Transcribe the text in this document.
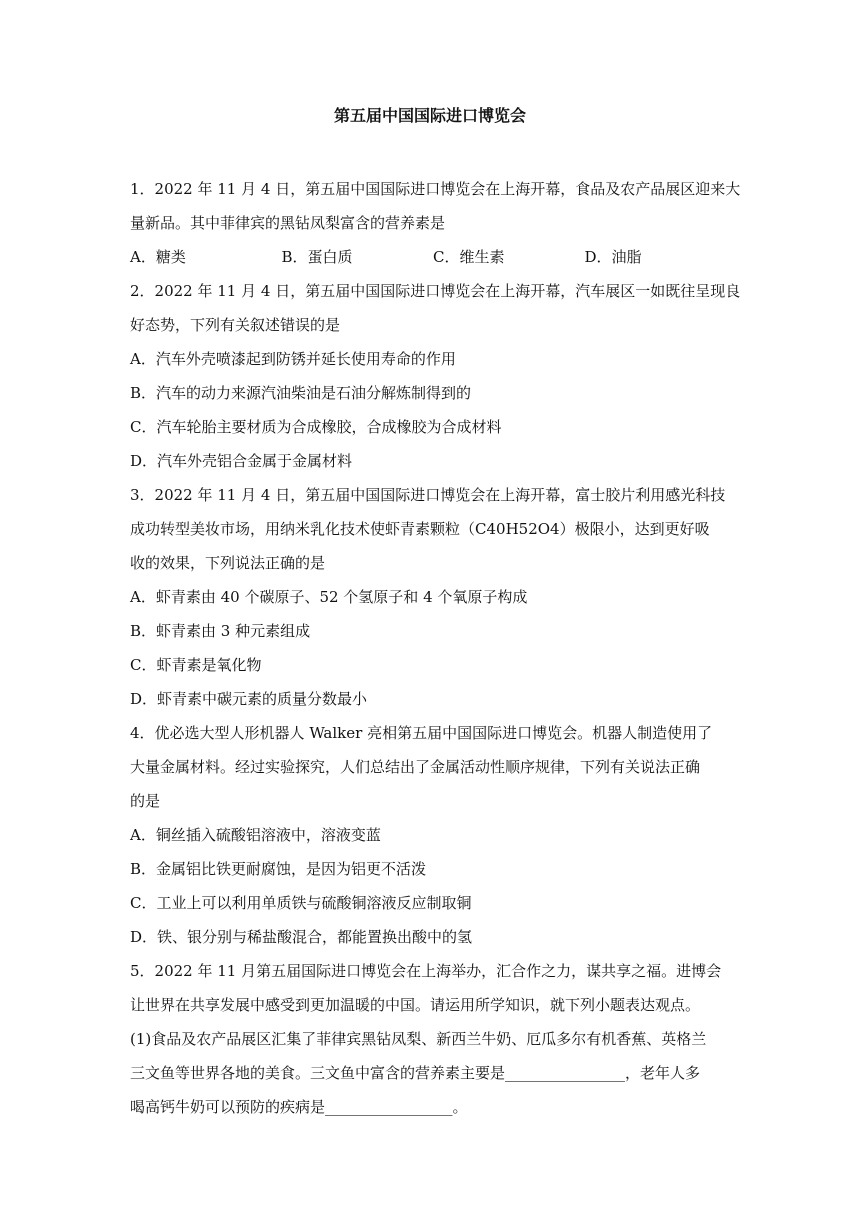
第五届中国国际进口博览会
1．2022 年 11 月 4 日，第五届中国国际进口博览会在上海开幕，食品及农产品展区迎来大
量新品。其中菲律宾的黑钻凤梨富含的营养素是
A．糖类	B．蛋白质	C．维生素	D．油脂
2．2022 年 11 月 4 日，第五届中国国际进口博览会在上海开幕，汽车展区一如既往呈现良
好态势，下列有关叙述错误的是
A．汽车外壳喷漆起到防锈并延长使用寿命的作用
B．汽车的动力来源汽油柴油是石油分解炼制得到的
C．汽车轮胎主要材质为合成橡胶，合成橡胶为合成材料
D．汽车外壳铝合金属于金属材料
3．2022 年 11 月 4 日，第五届中国国际进口博览会在上海开幕，富士胶片利用感光科技
成功转型美妆市场，用纳米乳化技术使虾青素颗粒（C40H52O4）极限小，达到更好吸
收的效果，下列说法正确的是
A．虾青素由 40 个碳原子、52 个氢原子和 4 个氧原子构成
B．虾青素由 3 种元素组成
C．虾青素是氧化物
D．虾青素中碳元素的质量分数最小
4．优必选大型人形机器人 Walker 亮相第五届中国国际进口博览会。机器人制造使用了
大量金属材料。经过实验探究，人们总结出了金属活动性顺序规律，下列有关说法正确
的是
A．铜丝插入硫酸铝溶液中，溶液变蓝
B．金属铝比铁更耐腐蚀，是因为铝更不活泼
C．工业上可以利用单质铁与硫酸铜溶液反应制取铜
D．铁、银分别与稀盐酸混合，都能置换出酸中的氢
5．2022 年 11 月第五届国际进口博览会在上海举办，汇合作之力，谋共享之福。进博会
让世界在共享发展中感受到更加温暖的中国。请运用所学知识，就下列小题表达观点。
(1)食品及农产品展区汇集了菲律宾黑钻凤梨、新西兰牛奶、厄瓜多尔有机香蕉、英格兰
三文鱼等世界各地的美食。三文鱼中富含的营养素主要是________________，老年人多
喝高钙牛奶可以预防的疾病是_________________。
